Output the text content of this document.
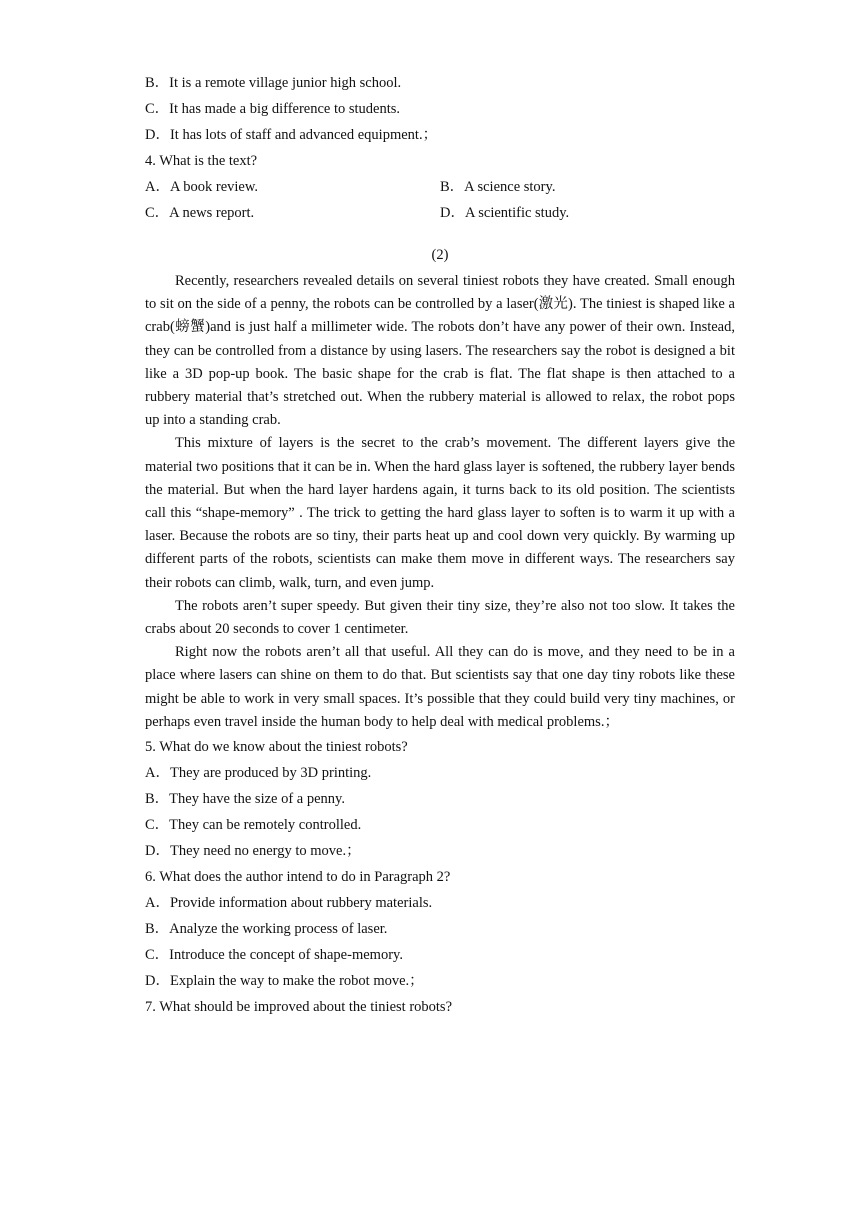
B．It is a remote village junior high school.
C．It has made a big difference to students.
D．It has lots of staff and advanced equipment.；
4. What is the text?
A．A book review.	B．A science story.
C．A news report.	D．A scientific study.
(2)

Recently, researchers revealed details on several tiniest robots they have created. Small enough to sit on the side of a penny, the robots can be controlled by a laser(激光). The tiniest is shaped like a crab(螃蟹)and is just half a millimeter wide. The robots don’t have any power of their own. Instead, they can be controlled from a distance by using lasers. The researchers say the robot is designed a bit like a 3D pop-up book. The basic shape for the crab is flat. The flat shape is then attached to a rubbery material that’s stretched out. When the rubbery material is allowed to relax, the robot pops up into a standing crab.

This mixture of layers is the secret to the crab’s movement. The different layers give the material two positions that it can be in. When the hard glass layer is softened, the rubbery layer bends the material. But when the hard layer hardens again, it turns back to its old position. The scientists call this “shape-memory” . The trick to getting the hard glass layer to soften is to warm it up with a laser. Because the robots are so tiny, their parts heat up and cool down very quickly. By warming up different parts of the robots, scientists can make them move in different ways. The researchers say their robots can climb, walk, turn, and even jump.

The robots aren’t super speedy. But given their tiny size, they’re also not too slow. It takes the crabs about 20 seconds to cover 1 centimeter.

Right now the robots aren’t all that useful. All they can do is move, and they need to be in a place where lasers can shine on them to do that. But scientists say that one day tiny robots like these might be able to work in very small spaces. It’s possible that they could build very tiny machines, or perhaps even travel inside the human body to help deal with medical problems.；

5. What do we know about the tiniest robots?
A．They are produced by 3D printing.
B．They have the size of a penny.
C．They can be remotely controlled.
D．They need no energy to move.；
6. What does the author intend to do in Paragraph 2?
A．Provide information about rubbery materials.
B．Analyze the working process of laser.
C．Introduce the concept of shape-memory.
D．Explain the way to make the robot move.；
7. What should be improved about the tiniest robots?
